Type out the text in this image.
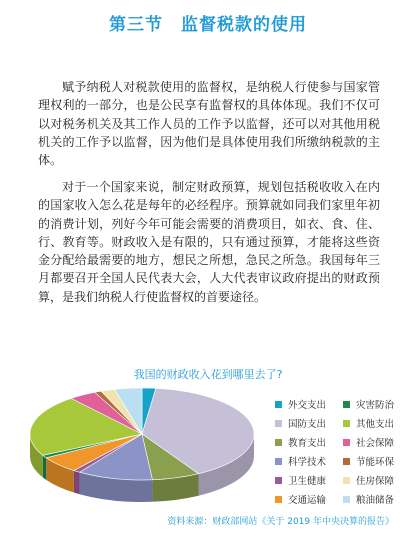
第三节　监督税款的使用
赋予纳税人对税款使用的监督权，是纳税人行使参与国家管理权利的一部分，也是公民享有监督权的具体体现。我们不仅可以对税务机关及其工作人员的工作予以监督，还可以对其他用税机关的工作予以监督，因为他们是具体使用我们所缴纳税款的主体。
对于一个国家来说，制定财政预算，规划包括税收收入在内的国家收入怎么花是每年的必经程序。预算就如同我们家里年初的消费计划，列好今年可能会需要的消费项目，如衣、食、住、行、教育等。财政收入是有限的，只有通过预算，才能将这些资金分配给最需要的地方，想民之所想，急民之所急。我国每年三月都要召开全国人民代表大会，人大代表审议政府提出的财政预算，是我们纳税人行使监督权的首要途径。
我国的财政收入花到哪里去了?
外交支出	灾害防治
国防支出	其他支出
教育支出	社会保障
科学技术	节能环保
卫生健康	住房保障
交通运输	粮油储备
资料来源：财政部网站《关于 2019 年中央决算的报告》
